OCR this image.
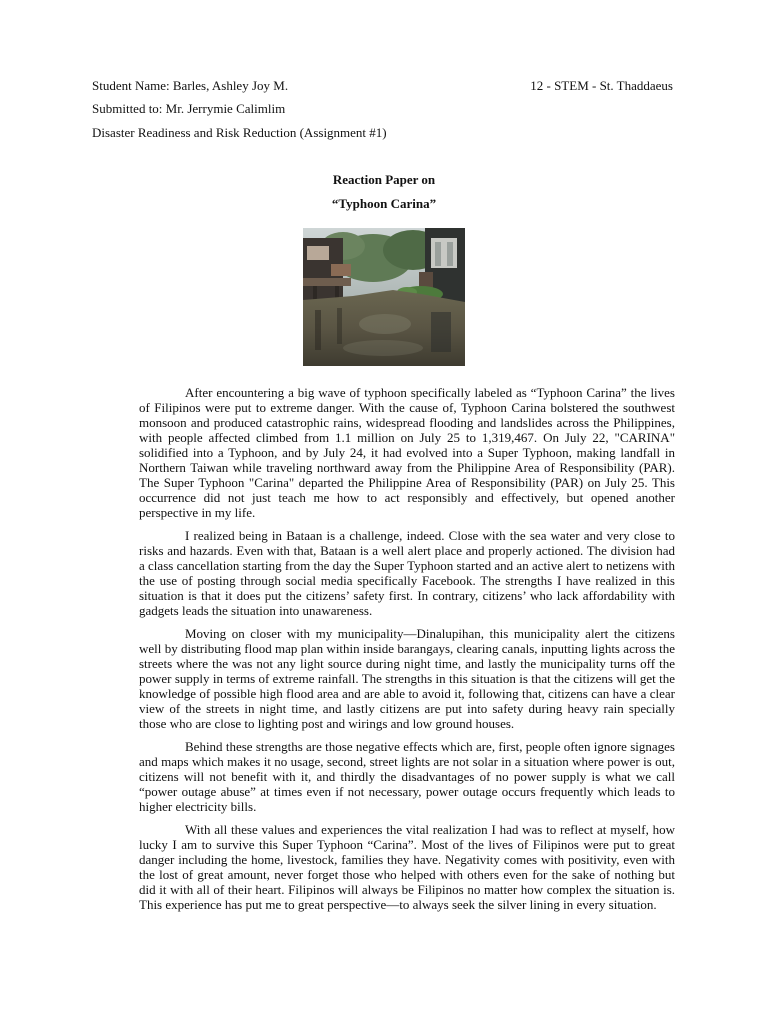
Student Name: Barles, Ashley Joy M.	12 - STEM - St. Thaddaeus
Submitted to: Mr. Jerrymie Calimlim
Disaster Readiness and Risk Reduction (Assignment #1)
Reaction Paper on
“Typhoon Carina”

After encountering a big wave of typhoon specifically labeled as “Typhoon Carina” the lives of Filipinos were put to extreme danger. With the cause of, Typhoon Carina bolstered the southwest monsoon and produced catastrophic rains, widespread flooding and landslides across the Philippines, with people affected climbed from 1.1 million on July 25 to 1,319,467. On July 22, "CARINA" solidified into a Typhoon, and by July 24, it had evolved into a Super Typhoon, making landfall in Northern Taiwan while traveling northward away from the Philippine Area of Responsibility (PAR). The Super Typhoon "Carina" departed the Philippine Area of Responsibility (PAR) on July 25. This occurrence did not just teach me how to act responsibly and effectively, but opened another perspective in my life.

I realized being in Bataan is a challenge, indeed. Close with the sea water and very close to risks and hazards. Even with that, Bataan is a well alert place and properly actioned. The division had a class cancellation starting from the day the Super Typhoon started and an active alert to netizens with the use of posting through social media specifically Facebook. The strengths I have realized in this situation is that it does put the citizens’ safety first. In contrary, citizens’ who lack affordability with gadgets leads the situation into unawareness.

Moving on closer with my municipality—Dinalupihan, this municipality alert the citizens well by distributing flood map plan within inside barangays, clearing canals, inputting lights across the streets where the was not any light source during night time, and lastly the municipality turns off the power supply in terms of extreme rainfall. The strengths in this situation is that the citizens will get the knowledge of possible high flood area and are able to avoid it, following that, citizens can have a clear view of the streets in night time, and lastly citizens are put into safety during heavy rain specially those who are close to lighting post and wirings and low ground houses.

Behind these strengths are those negative effects which are, first, people often ignore signages and maps which makes it no usage, second, street lights are not solar in a situation where power is out, citizens will not benefit with it, and thirdly the disadvantages of no power supply is what we call “power outage abuse” at times even if not necessary, power outage occurs frequently which leads to higher electricity bills.

With all these values and experiences the vital realization I had was to reflect at myself, how lucky I am to survive this Super Typhoon “Carina”. Most of the lives of Filipinos were put to great danger including the home, livestock, families they have. Negativity comes with positivity, even with the lost of great amount, never forget those who helped with others even for the sake of nothing but did it with all of their heart. Filipinos will always be Filipinos no matter how complex the situation is. This experience has put me to great perspective—to always seek the silver lining in every situation.
